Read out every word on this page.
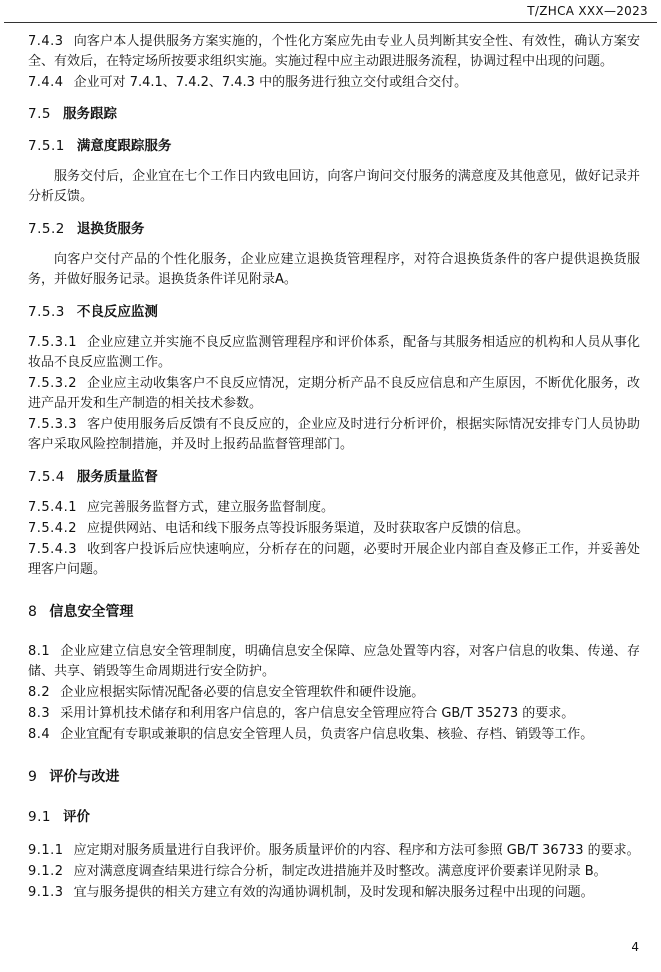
T/ZHCA XXX—2023
7.4.3 向客户本人提供服务方案实施的，个性化方案应先由专业人员判断其安全性、有效性，确认方案安全、有效后，在特定场所按要求组织实施。实施过程中应主动跟进服务流程，协调过程中出现的问题。
7.4.4 企业可对 7.4.1、7.4.2、7.4.3 中的服务进行独立交付或组合交付。
7.5 服务跟踪
7.5.1 满意度跟踪服务
服务交付后，企业宜在七个工作日内致电回访，向客户询问交付服务的满意度及其他意见，做好记录并分析反馈。
7.5.2 退换货服务
向客户交付产品的个性化服务，企业应建立退换货管理程序，对符合退换货条件的客户提供退换货服务，并做好服务记录。退换货条件详见附录A。
7.5.3 不良反应监测
7.5.3.1 企业应建立并实施不良反应监测管理程序和评价体系，配备与其服务相适应的机构和人员从事化妆品不良反应监测工作。
7.5.3.2 企业应主动收集客户不良反应情况，定期分析产品不良反应信息和产生原因，不断优化服务，改进产品开发和生产制造的相关技术参数。
7.5.3.3 客户使用服务后反馈有不良反应的，企业应及时进行分析评价，根据实际情况安排专门人员协助客户采取风险控制措施，并及时上报药品监督管理部门。
7.5.4 服务质量监督
7.5.4.1 应完善服务监督方式，建立服务监督制度。
7.5.4.2 应提供网站、电话和线下服务点等投诉服务渠道，及时获取客户反馈的信息。
7.5.4.3 收到客户投诉后应快速响应，分析存在的问题，必要时开展企业内部自查及修正工作，并妥善处理客户问题。
8 信息安全管理
8.1 企业应建立信息安全管理制度，明确信息安全保障、应急处置等内容，对客户信息的收集、传递、存储、共享、销毁等生命周期进行安全防护。
8.2 企业应根据实际情况配备必要的信息安全管理软件和硬件设施。
8.3 采用计算机技术储存和利用客户信息的，客户信息安全管理应符合 GB/T 35273 的要求。
8.4 企业宜配有专职或兼职的信息安全管理人员，负责客户信息收集、核验、存档、销毁等工作。
9 评价与改进
9.1 评价
9.1.1 应定期对服务质量进行自我评价。服务质量评价的内容、程序和方法可参照 GB/T 36733 的要求。
9.1.2 应对满意度调查结果进行综合分析，制定改进措施并及时整改。满意度评价要素详见附录 B。
9.1.3 宜与服务提供的相关方建立有效的沟通协调机制，及时发现和解决服务过程中出现的问题。
4
